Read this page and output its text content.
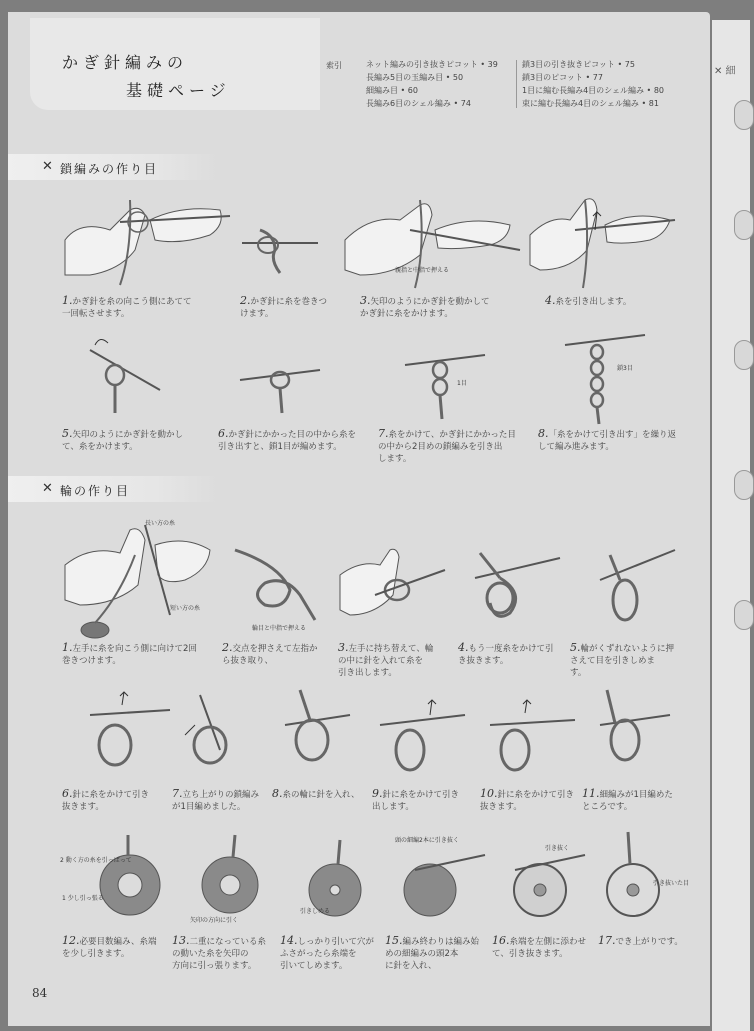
✕ 細
かぎ針編みの
基礎ページ
索引	ネット編みの引き抜きピコット • 39
長編み5目の玉編み目 • 50
細編み目 • 60
長編み6目のシェル編み • 74
鎖3目の引き抜きピコット • 75
鎖3目のピコット • 77
1目に編む長編み4目のシェル編み • 80
束に編む長編み4目のシェル編み • 81
✕ 鎖編みの作り目
✕ 輪の作り目
親指と中指で押える
1.かぎ針を糸の向こう側にあてて
一回転させます。
2.かぎ針に糸を巻きつ
けます。
3.矢印のようにかぎ針を動かして
かぎ針に糸をかけます。
4.糸を引き出します。
1目
鎖3目
5.矢印のようにかぎ針を動かし
て、糸をかけます。
6.かぎ針にかかった目の中から糸を
引き出すと、鎖1目が編めます。
7.糸をかけて、かぎ針にかかった目
の中から2目めの鎖編みを引き出
します。
8.「糸をかけて引き出す」を繰り返
して編み進みます。
長い方の糸
短い方の糸
輪目と中指で押える
1.左手に糸を向こう側に向けて2回
巻きつけます。
2.交点を押さえて左指か
ら抜き取り、
3.左手に持ち替えて、輪
の中に針を入れて糸を
引き出します。
4.もう一度糸をかけて引
き抜きます。
5.輪がくずれないように押
さえて目を引きしめま
す。
6.針に糸をかけて引き
抜きます。
7.立ち上がりの鎖編み
が1目編めました。
8.糸の輪に針を入れ、 9.針に糸をかけて引き
出します。
10.針に糸をかけて引き
抜きます。
11.細編みが1目編めた
ところです。
2 動く方の糸を引っぱって
1 少し引っ張る
矢印の方向に引く
引きしめる
頭の細編2本に引き抜く
引き抜く
引き抜いた目
12.必要目数編み、糸端
を少し引きます。
13.二重になっている糸
の動いた糸を矢印の
方向に引っ張ります。
14.しっかり引いて穴が
ふさがったら糸端を
引いてしめます。
15.編み終わりは編み始
めの細編みの頭2本
に針を入れ、
16.糸端を左側に添わせ
て、引き抜きます。
17.でき上がりです。
84
